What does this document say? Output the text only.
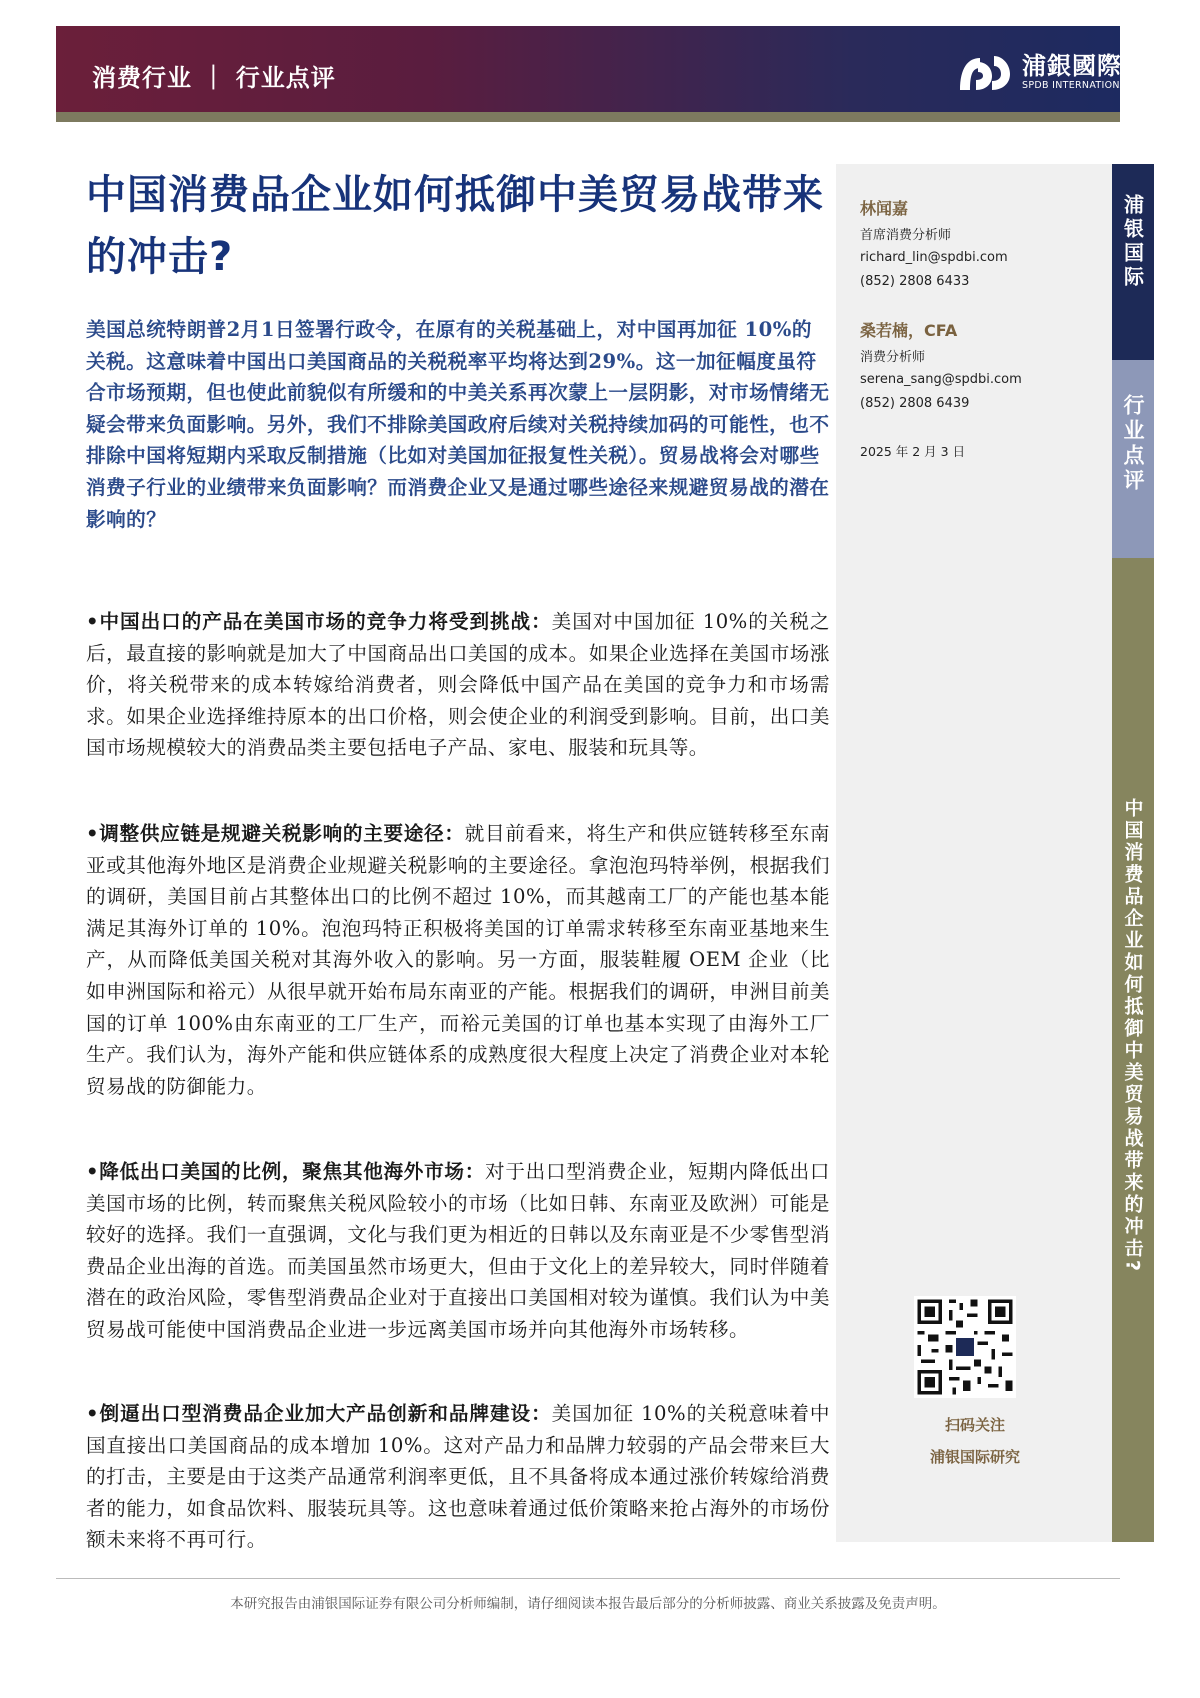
消费行业 ｜ 行业点评	浦銀國際
SPDB INTERNATIONAL
中国消费品企业如何抵御中美贸易战带来的冲击?
美国总统特朗普2月1日签署行政令，在原有的关税基础上，对中国再加征 10%的关税。这意味着中国出口美国商品的关税税率平均将达到29%。这一加征幅度虽符合市场预期，但也使此前貌似有所缓和的中美关系再次蒙上一层阴影，对市场情绪无疑会带来负面影响。另外，我们不排除美国政府后续对关税持续加码的可能性，也不排除中国将短期内采取反制措施（比如对美国加征报复性关税）。贸易战将会对哪些消费子行业的业绩带来负面影响？而消费企业又是通过哪些途径来规避贸易战的潜在影响的？
•中国出口的产品在美国市场的竞争力将受到挑战：美国对中国加征 10%的关税之后，最直接的影响就是加大了中国商品出口美国的成本。如果企业选择在美国市场涨价，将关税带来的成本转嫁给消费者，则会降低中国产品在美国的竞争力和市场需求。如果企业选择维持原本的出口价格，则会使企业的利润受到影响。目前，出口美国市场规模较大的消费品类主要包括电子产品、家电、服装和玩具等。
•调整供应链是规避关税影响的主要途径：就目前看来，将生产和供应链转移至东南亚或其他海外地区是消费企业规避关税影响的主要途径。拿泡泡玛特举例，根据我们的调研，美国目前占其整体出口的比例不超过 10%，而其越南工厂的产能也基本能满足其海外订单的 10%。泡泡玛特正积极将美国的订单需求转移至东南亚基地来生产，从而降低美国关税对其海外收入的影响。另一方面，服装鞋履 OEM 企业（比如申洲国际和裕元）从很早就开始布局东南亚的产能。根据我们的调研，申洲目前美国的订单 100%由东南亚的工厂生产，而裕元美国的订单也基本实现了由海外工厂生产。我们认为，海外产能和供应链体系的成熟度很大程度上决定了消费企业对本轮贸易战的防御能力。
•降低出口美国的比例，聚焦其他海外市场：对于出口型消费企业，短期内降低出口美国市场的比例，转而聚焦关税风险较小的市场（比如日韩、东南亚及欧洲）可能是较好的选择。我们一直强调，文化与我们更为相近的日韩以及东南亚是不少零售型消费品企业出海的首选。而美国虽然市场更大，但由于文化上的差异较大，同时伴随着潜在的政治风险，零售型消费品企业对于直接出口美国相对较为谨慎。我们认为中美贸易战可能使中国消费品企业进一步远离美国市场并向其他海外市场转移。
•倒逼出口型消费品企业加大产品创新和品牌建设：美国加征 10%的关税意味着中国直接出口美国商品的成本增加 10%。这对产品力和品牌力较弱的产品会带来巨大的打击，主要是由于这类产品通常利润率更低，且不具备将成本通过涨价转嫁给消费者的能力，如食品饮料、服装玩具等。这也意味着通过低价策略来抢占海外的市场份额未来将不再可行。
林闻嘉
首席消费分析师
richard_lin@spdbi.com
(852) 2808 6433
桑若楠，CFA
消费分析师
serena_sang@spdbi.com
(852) 2808 6439
2025 年 2 月 3 日
浦银国际
行业点评
中国消费品企业如何抵御中美贸易战带来的冲击?
扫码关注
浦银国际研究
本研究报告由浦银国际证券有限公司分析师编制，请仔细阅读本报告最后部分的分析师披露、商业关系披露及免责声明。
